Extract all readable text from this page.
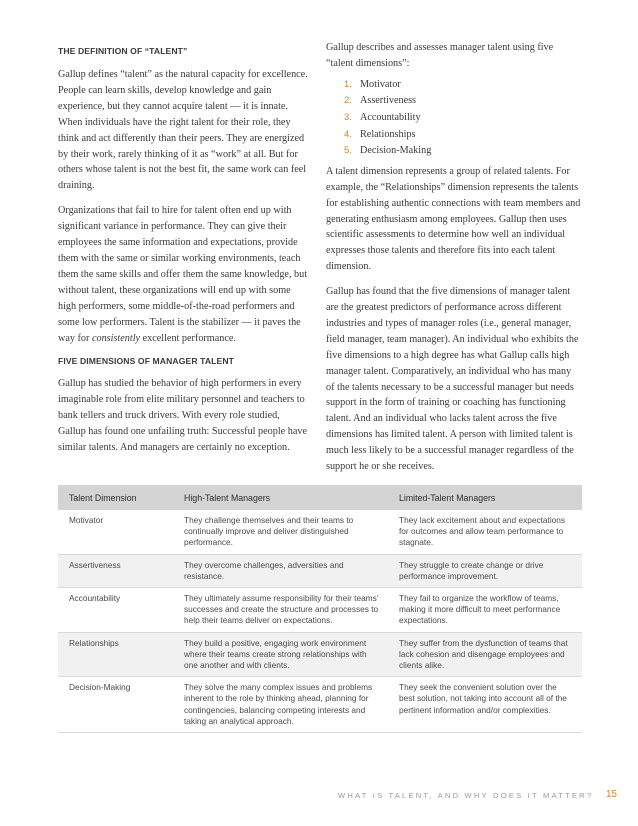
THE DEFINITION OF “TALENT”

Gallup defines “talent” as the natural capacity for excellence. People can learn skills, develop knowledge and gain experience, but they cannot acquire talent — it is innate. When individuals have the right talent for their role, they think and act differently than their peers. They are energized by their work, rarely thinking of it as “work” at all. But for others whose talent is not the best fit, the same work can feel draining.

Organizations that fail to hire for talent often end up with significant variance in performance. They can give their employees the same information and expectations, provide them with the same or similar working environments, teach them the same skills and offer them the same knowledge, but without talent, these organizations will end up with some high performers, some middle-of-the-road performers and some low performers. Talent is the stabilizer — it paves the way for consistently excellent performance.

FIVE DIMENSIONS OF MANAGER TALENT

Gallup has studied the behavior of high performers in every imaginable role from elite military personnel and teachers to bank tellers and truck drivers. With every role studied, Gallup has found one unfailing truth: Successful people have similar talents. And managers are certainly no exception.

Gallup describes and assesses manager talent using five “talent dimensions”:

1. Motivator
2. Assertiveness
3. Accountability
4. Relationships
5. Decision-Making

A talent dimension represents a group of related talents. For example, the “Relationships” dimension represents the talents for establishing authentic connections with team members and generating enthusiasm among employees. Gallup then uses scientific assessments to determine how well an individual expresses those talents and therefore fits into each talent dimension.

Gallup has found that the five dimensions of manager talent are the greatest predictors of performance across different industries and types of manager roles (i.e., general manager, field manager, team manager). An individual who exhibits the five dimensions to a high degree has what Gallup calls high manager talent. Comparatively, an individual who has many of the talents necessary to be a successful manager but needs support in the form of training or coaching has functioning talent. And an individual who lacks talent across the five dimensions has limited talent. A person with limited talent is much less likely to be a successful manager regardless of the support he or she receives.

Talent Dimension	High-Talent Managers	Limited-Talent Managers
Motivator	They challenge themselves and their teams to continually improve and deliver distinguished performance.	They lack excitement about and expectations for outcomes and allow team performance to stagnate.
Assertiveness	They overcome challenges, adversities and resistance.	They struggle to create change or drive performance improvement.
Accountability	They ultimately assume responsibility for their teams’ successes and create the structure and processes to help their teams deliver on expectations.	They fail to organize the workflow of teams, making it more difficult to meet performance expectations.
Relationships	They build a positive, engaging work environment where their teams create strong relationships with one another and with clients.	They suffer from the dysfunction of teams that lack cohesion and disengage employees and clients alike.
Decision-Making	They solve the many complex issues and problems inherent to the role by thinking ahead, planning for contingencies, balancing competing interests and taking an analytical approach.	They seek the convenient solution over the best solution, not taking into account all of the pertinent information and/or complexities.
WHAT IS TALENT, AND WHY DOES IT MATTER? 15
